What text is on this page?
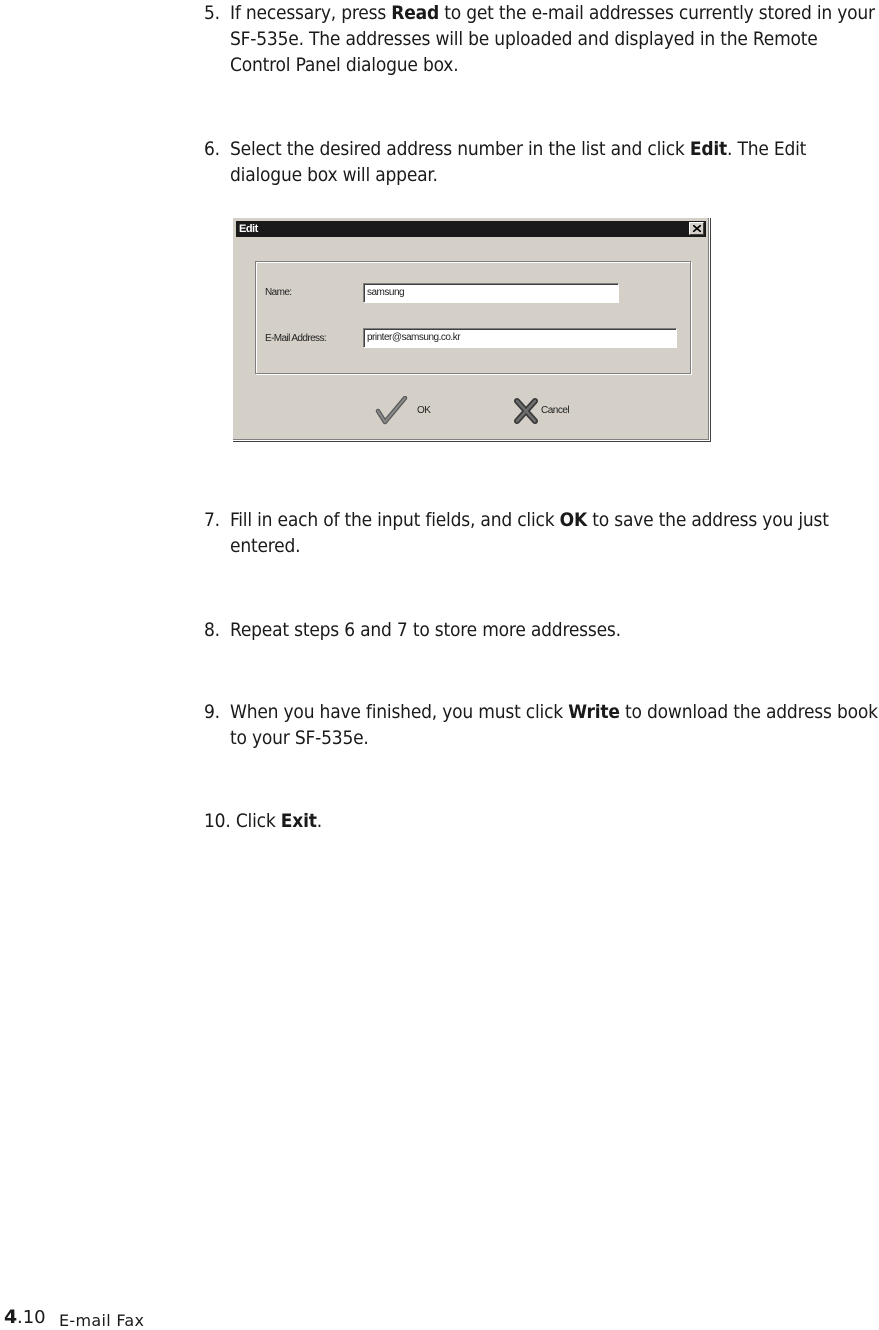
5. If necessary, press Read to get the e-mail addresses currently stored in your SF-535e. The addresses will be uploaded and displayed in the Remote Control Panel dialogue box.
6. Select the desired address number in the list and click Edit. The Edit dialogue box will appear.
Edit
Name:	samsung
E-Mail Address:	printer@samsung.co.kr
OK	Cancel
7. Fill in each of the input fields, and click OK to save the address you just entered.
8. Repeat steps 6 and 7 to store more addresses.
9. When you have finished, you must click Write to download the address book to your SF-535e.
10. Click Exit.
4 .10 E-mail Fax
